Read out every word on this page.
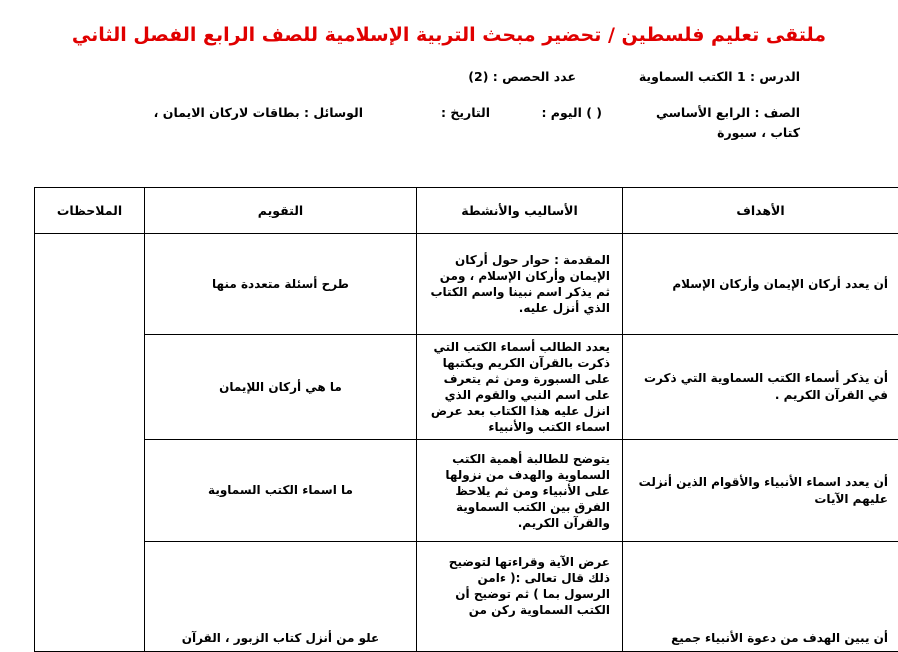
ملتقى تعليم فلسطين / تحضير مبحث التربية الإسلامية للصف الرابع الفصل الثاني
الدرس : 1 الكتب السماوية
عدد الحصص : (2)
الصف : الرابع الأساسي
( ) اليوم :
التاريخ :
الوسائل : بطاقات لاركان الايمان ،
كتاب ، سبورة
الأهداف	الأساليب والأنشطة	التقويم	الملاحظات
أن يعدد أركان الإيمان وأركان الإسلام	المقدمة : حوار حول أركان الإيمان وأركان الإسلام ، ومن ثم يذكر اسم نبينا واسم الكتاب الذي أنزل عليه.	طرح أسئلة متعددة منها	
أن يذكر أسماء الكتب السماوية التي ذكرت في القرآن الكريم .	يعدد الطالب أسماء الكتب التي ذكرت بالقرآن الكريم ويكتبها على السبورة ومن ثم يتعرف على اسم النبي والقوم الذي انزل عليه هذا الكتاب بعد عرض اسماء الكتب والأنبياء	ما هي أركان اللإيمان	
أن يعدد اسماء الأنبياء والأقوام الذين أنزلت عليهم الآيات	يتوضح للطالبة أهمية الكتب السماوية والهدف من نزولها على الأنبياء ومن ثم يلاحظ الفرق بين الكتب السماوية والقرآن الكريم.	ما اسماء الكتب السماوية	
أن يبين الهدف من دعوة الأنبياء جميع	عرض الآية وقراءتها لتوضيح ذلك قال تعالى :( ءامن الرسول بما ) ثم توضيح أن الكتب السماوية ركن من	علو من أنزل كتاب الزبور ، القرآن	
